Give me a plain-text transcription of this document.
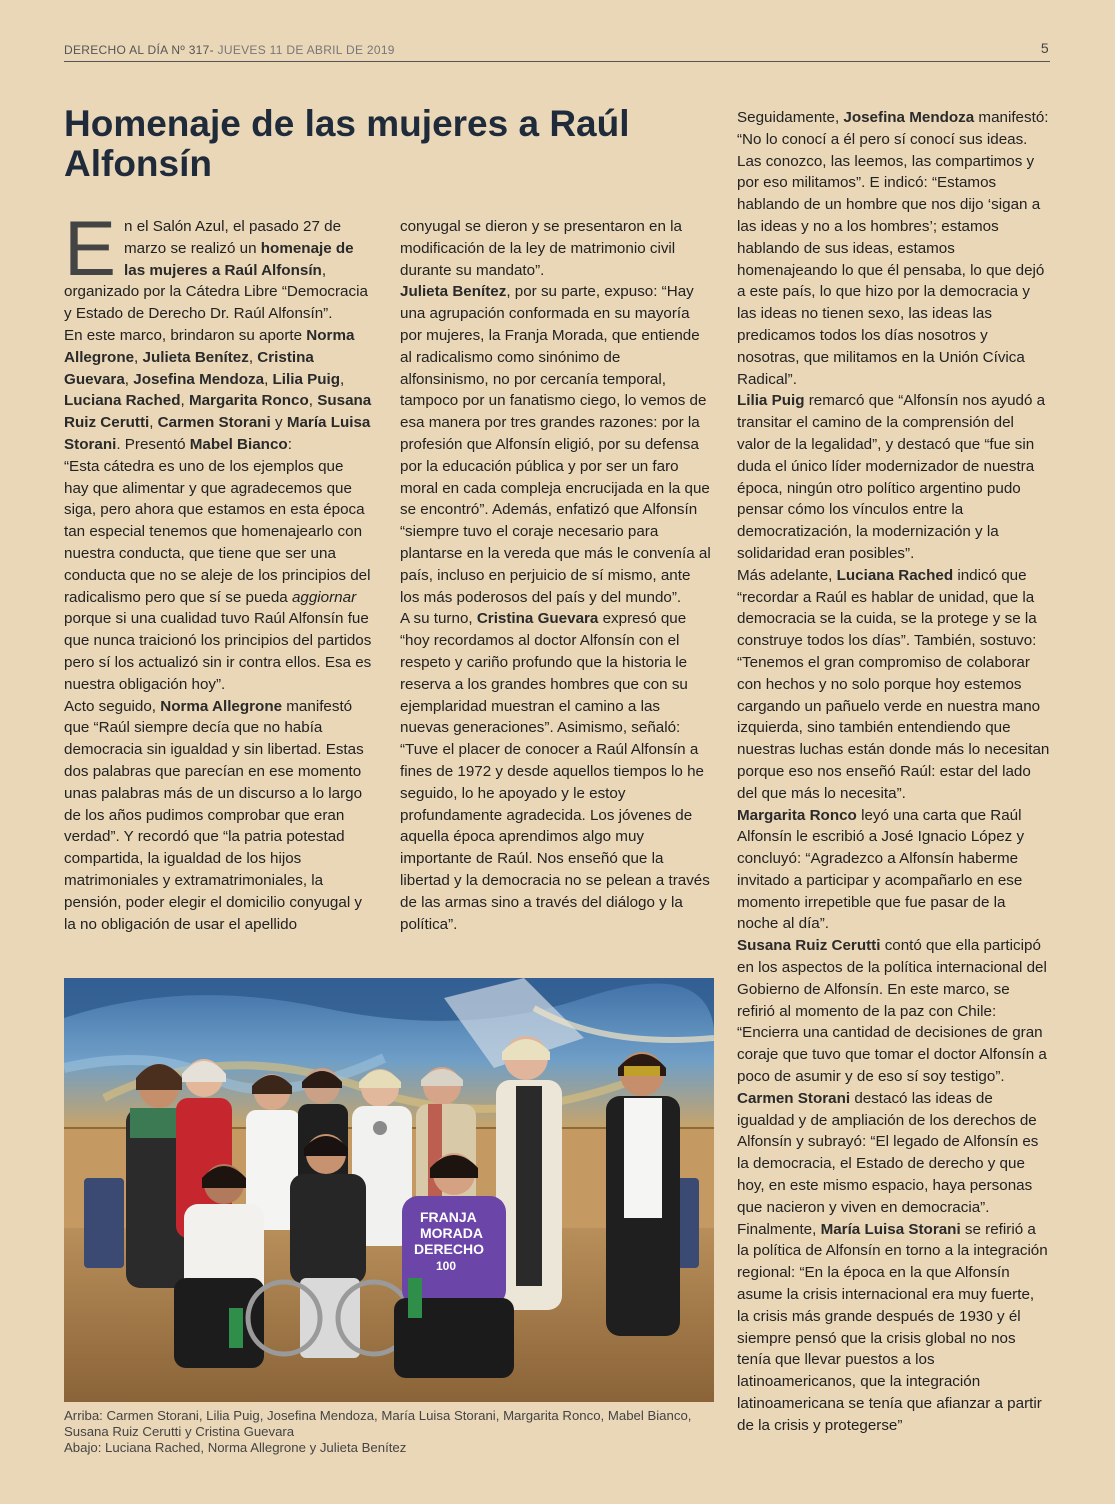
DERECHO AL DÍA Nº 317- JUEVES 11 DE ABRIL DE 2019	5
Homenaje de las mujeres a Raúl Alfonsín

En el Salón Azul, el pasado 27 de marzo se realizó un homenaje de las mujeres a Raúl Alfonsín, organizado por la Cátedra Libre “Democracia y Estado de Derecho Dr. Raúl Alfonsín”.

En este marco, brindaron su aporte Norma Allegrone, Julieta Benítez, Cristina Guevara, Josefina Mendoza, Lilia Puig, Luciana Rached, Margarita Ronco, Susana Ruiz Cerutti, Carmen Storani y María Luisa Storani. Presentó Mabel Bianco:

“Esta cátedra es uno de los ejemplos que hay que alimentar y que agradecemos que siga, pero ahora que estamos en esta época tan especial tenemos que homenajearlo con nuestra conducta, que tiene que ser una conducta que no se aleje de los principios del radicalismo pero que sí se pueda aggiornar porque si una cualidad tuvo Raúl Alfonsín fue que nunca traicionó los principios del partidos pero sí los actualizó sin ir contra ellos. Esa es nuestra obligación hoy”.

Acto seguido, Norma Allegrone manifestó que “Raúl siempre decía que no había democracia sin igualdad y sin libertad. Estas dos palabras que parecían en ese momento unas palabras más de un discurso a lo largo de los años pudimos comprobar que eran verdad”. Y recordó que “la patria potestad compartida, la igualdad de los hijos matrimoniales y extramatrimoniales, la pensión, poder elegir el domicilio conyugal y la no obligación de usar el apellido

Seguidamente, Josefina Mendoza manifestó: “No lo conocí a él pero sí conocí sus ideas. Las conozco, las leemos, las compartimos y por eso militamos”. E indicó: “Estamos hablando de un hombre que nos dijo ‘sigan a las ideas y no a los hombres’; estamos hablando de sus ideas, estamos homenajeando lo que él pensaba, lo que dejó a este país, lo que hizo por la democracia y las ideas no tienen sexo, las ideas las predicamos todos los días nosotros y nosotras, que militamos en la Unión Cívica Radical”.

Lilia Puig remarcó que “Alfonsín nos ayudó a transitar el camino de la comprensión del valor de la legalidad”, y destacó que “fue sin duda el único líder modernizador de nuestra época, ningún otro político argentino pudo pensar cómo los vínculos entre la democratización, la modernización y la solidaridad eran posibles”.

Más adelante, Luciana Rached indicó que “recordar a Raúl es hablar de unidad, que la democracia se la cuida, se la protege y se la construye todos los días”. También, sostuvo: “Tenemos el gran compromiso de colaborar con hechos y no solo porque hoy estemos cargando un pañuelo verde en nuestra mano izquierda, sino también entendiendo que nuestras luchas están donde más lo necesitan porque eso nos enseñó Raúl: estar del lado del que más lo necesita”.

Margarita Ronco leyó una carta que Raúl Alfonsín le escribió a José Ignacio López y concluyó: “Agradezco a Alfonsín haberme invitado a participar y acompañarlo en ese momento irrepetible que fue pasar de la noche al día”.

Susana Ruiz Cerutti contó que ella participó en los aspectos de la política internacional del Gobierno de Alfonsín. En este marco, se refirió al momento de la paz con Chile: “Encierra una cantidad de decisiones de gran coraje que tuvo que tomar el doctor Alfonsín a poco de asumir y de eso sí soy testigo”.

Carmen Storani destacó las ideas de igualdad y de ampliación de los derechos de Alfonsín y subrayó: “El legado de Alfonsín es la democracia, el Estado de derecho y que hoy, en este mismo espacio, haya personas que nacieron y viven en democracia”.

Finalmente, María Luisa Storani se refirió a la política de Alfonsín en torno a la integración regional: “En la época en la que Alfonsín asume la crisis internacional era muy fuerte, la crisis más grande después de 1930 y él siempre pensó que la crisis global no nos tenía que llevar puestos a los latinoamericanos, que la integración latinoamericana se tenía que afianzar a partir de la crisis y protegerse”

conyugal se dieron y se presentaron en la modificación de la ley de matrimonio civil durante su mandato”.

Julieta Benítez, por su parte, expuso: “Hay una agrupación conformada en su mayoría por mujeres, la Franja Morada, que entiende al radicalismo como sinónimo de alfonsinismo, no por cercanía temporal, tampoco por un fanatismo ciego, lo vemos de esa manera por tres grandes razones: por la profesión que Alfonsín eligió, por su defensa por la educación pública y por ser un faro moral en cada compleja encrucijada en la que se encontró”. Además, enfatizó que Alfonsín “siempre tuvo el coraje necesario para plantarse en la vereda que más le convenía al país, incluso en perjuicio de sí mismo, ante los más poderosos del país y del mundo”.

A su turno, Cristina Guevara expresó que “hoy recordamos al doctor Alfonsín con el respeto y cariño profundo que la historia le reserva a los grandes hombres que con su ejemplaridad muestran el camino a las nuevas generaciones”. Asimismo, señaló: “Tuve el placer de conocer a Raúl Alfonsín a fines de 1972 y desde aquellos tiempos lo he seguido, lo he apoyado y le estoy profundamente agradecida. Los jóvenes de aquella época aprendimos algo muy importante de Raúl. Nos enseñó que la libertad y la democracia no se pelean a través de las armas sino a través del diálogo y la política”.

FRANJA
MORADA
DERECHO
100

Arriba: Carmen Storani, Lilia Puig, Josefina Mendoza, María Luisa Storani, Margarita Ronco, Mabel Bianco, Susana Ruiz Cerutti y Cristina Guevara

Abajo: Luciana Rached, Norma Allegrone y Julieta Benítez
